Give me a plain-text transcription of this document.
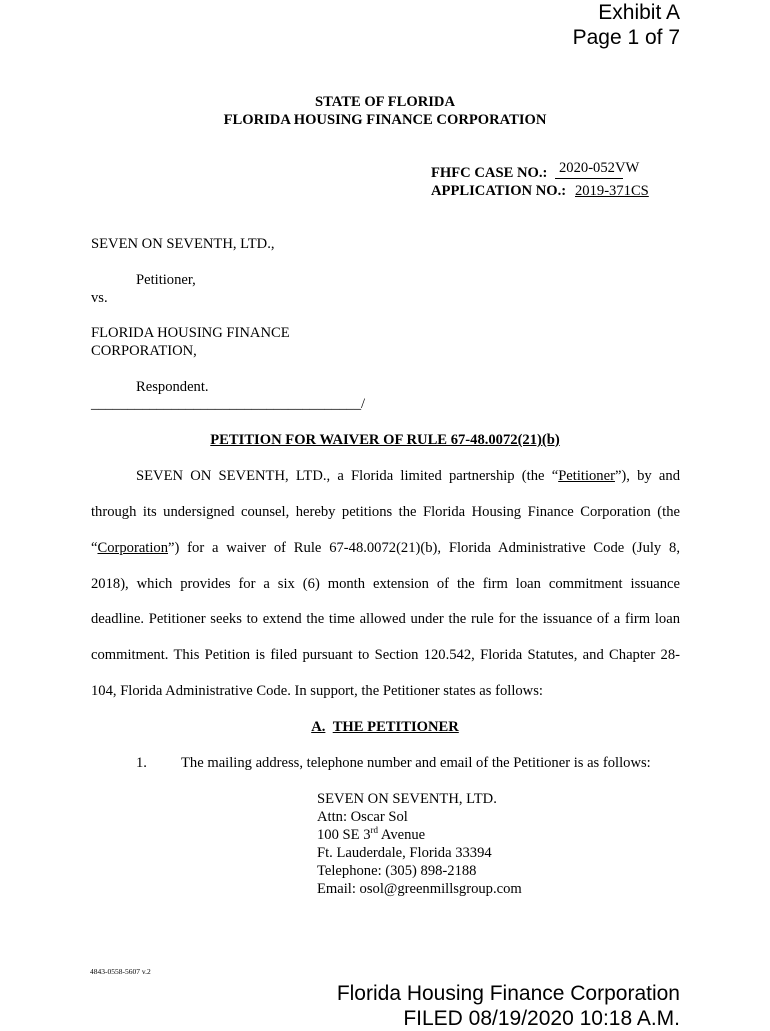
Exhibit A
Page 1 of 7
STATE OF FLORIDA
FLORIDA HOUSING FINANCE CORPORATION
FHFC CASE NO.: 2020-052VW
APPLICATION NO.: 2019-371CS
SEVEN ON SEVENTH, LTD.,
Petitioner,
vs.
FLORIDA HOUSING FINANCE
CORPORATION,
Respondent.
_____________________________________/
PETITION FOR WAIVER OF RULE 67-48.0072(21)(b)
SEVEN ON SEVENTH, LTD., a Florida limited partnership (the “Petitioner”), by and
through its undersigned counsel, hereby petitions the Florida Housing Finance Corporation (the
“Corporation”) for a waiver of Rule 67-48.0072(21)(b), Florida Administrative Code (July 8,
2018), which provides for a six (6) month extension of the firm loan commitment issuance
deadline. Petitioner seeks to extend the time allowed under the rule for the issuance of a firm loan
commitment. This Petition is filed pursuant to Section 120.542, Florida Statutes, and Chapter 28-
104, Florida Administrative Code. In support, the Petitioner states as follows:
A. THE PETITIONER
1. The mailing address, telephone number and email of the Petitioner is as follows:
SEVEN ON SEVENTH, LTD.
Attn: Oscar Sol
100 SE 3rd Avenue
Ft. Lauderdale, Florida 33394
Telephone: (305) 898-2188
Email: osol@greenmillsgroup.com
4843-0558-5607 v.2
Florida Housing Finance Corporation
FILED 08/19/2020 10:18 A.M.
